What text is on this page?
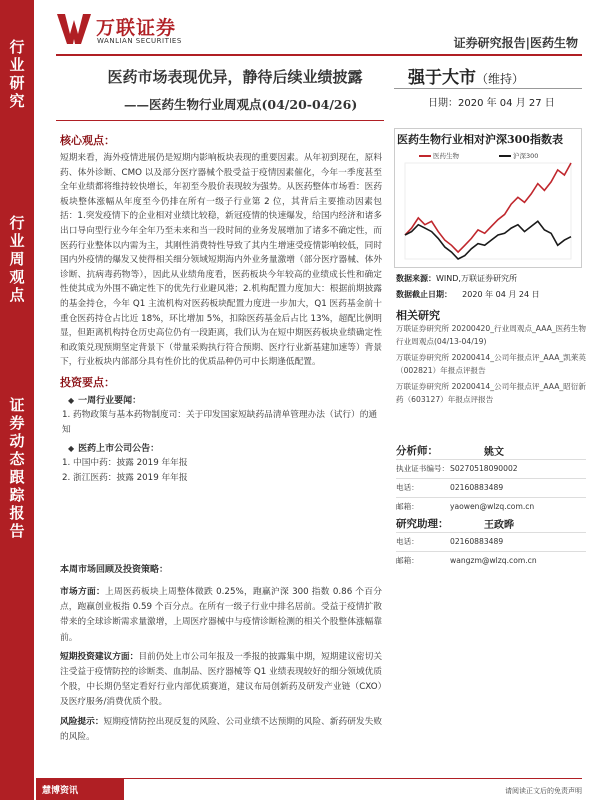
行
业
研
究
行
业
周
观
点
证
券
动
态
跟
踪
报
告
万联证券
WANLIAN SECURITIES	证券研究报告|医药生物
医药市场表现优异，静待后续业绩披露
——医药生物行业周观点(04/20-04/26)
强于大市（维持）
日期：2020 年 04 月 27 日
核心观点：
短期来看，海外疫情进展仍是短期内影响板块表现的重要因素。从年初到现在，原料药、体外诊断、CMO 以及部分医疗器械个股受益于疫情因素催化，今年一季度甚至全年业绩都将维持较快增长，年初至今股价表现较为强势。从医药整体市场看：医药板块整体涨幅从年度至今仍排在所有一级子行业第 2 位，其背后主要推动因素包括：1.突发疫情下的企业相对业绩比较稳，新冠疫情的快速爆发，给国内经济和诸多出口导向型行业今年全年乃至未来和当一段时间的业务发展增加了诸多不确定性，而医药行业整体以内需为主，其刚性消费特性导致了其内生增速受疫情影响较低，同时国内外疫情的爆发又使得相关细分领域短期海内外业务量激增（部分医疗器械、体外诊断、抗病毒药物等），因此从业绩角度看，医药板块今年较高的业绩成长性和确定性使其成为外围不确定性下的优先行业避风港；2.机构配置力度加大：根据前期披露的基金持仓，今年 Q1 主流机构对医药板块配置力度进一步加大，Q1 医药基金前十重仓医药持仓占比近 18%，环比增加 5%，扣除医药基金后占比 13%，超配比例明显，但距离机构持仓历史高位仍有一段距离，我们认为在短中期医药板块业绩确定性和政策兑现预期坚定背景下（带量采购执行符合预期、医疗行业新基建加速等）背景下，行业板块内部部分具有性价比的优质品种仍可中长期逢低配置。
投资要点：
◆ 一周行业要闻：
1. 药物政策与基本药物制度司：关于印发国家短缺药品清单管理办法（试行）的通知
◆ 医药上市公司公告：
1. 中国中药：披露 2019 年年报
2. 浙江医药：披露 2019 年年报
本周市场回顾及投资策略：
市场方面：上周医药板块上周整体微跌 0.25%，跑赢沪深 300 指数 0.86 个百分点，跑赢创业板指 0.59 个百分点。在所有一级子行业中排名居前。受益于疫情扩散带来的全球诊断需求量激增，上周医疗器械中与疫情诊断检测的相关个股整体涨幅靠前。
短期投资建议方面：目前仍处上市公司年报及一季报的披露集中期，短期建议密切关注受益于疫情防控的诊断类、血制品、医疗器械等 Q1 业绩表现较好的细分领域优质个股，中长期仍坚定看好行业内部优质赛道，建议布局创新药及研发产业链（CXO）及医疗服务/消费优质个股。
风险提示：短期疫情防控出现反复的风险、公司业绩不达预期的风险、新药研发失败的风险。
医药生物行业相对沪深300指数表
医药生物	沪深300
数据来源：WIND,万联证券研究所
数据截止日期： 2020 年 04 月 24 日
相关研究
万联证券研究所 20200420_行业周观点_AAA_医药生物行业周观点(04/13-04/19)
万联证券研究所 20200414_公司年报点评_AAA_凯莱英（002821）年报点评报告
万联证券研究所 20200414_公司年报点评_AAA_昭衍新药（603127）年报点评报告
分析师：	姚文
执业证书编号： S0270518090002
电话：	02160883489
邮箱：	yaowen@wlzq.com.cn
研究助理：	王政晔
电话：	02160883489
邮箱：	wangzm@wlzq.com.cn
慧博资讯	请阅读正文后的免责声明
